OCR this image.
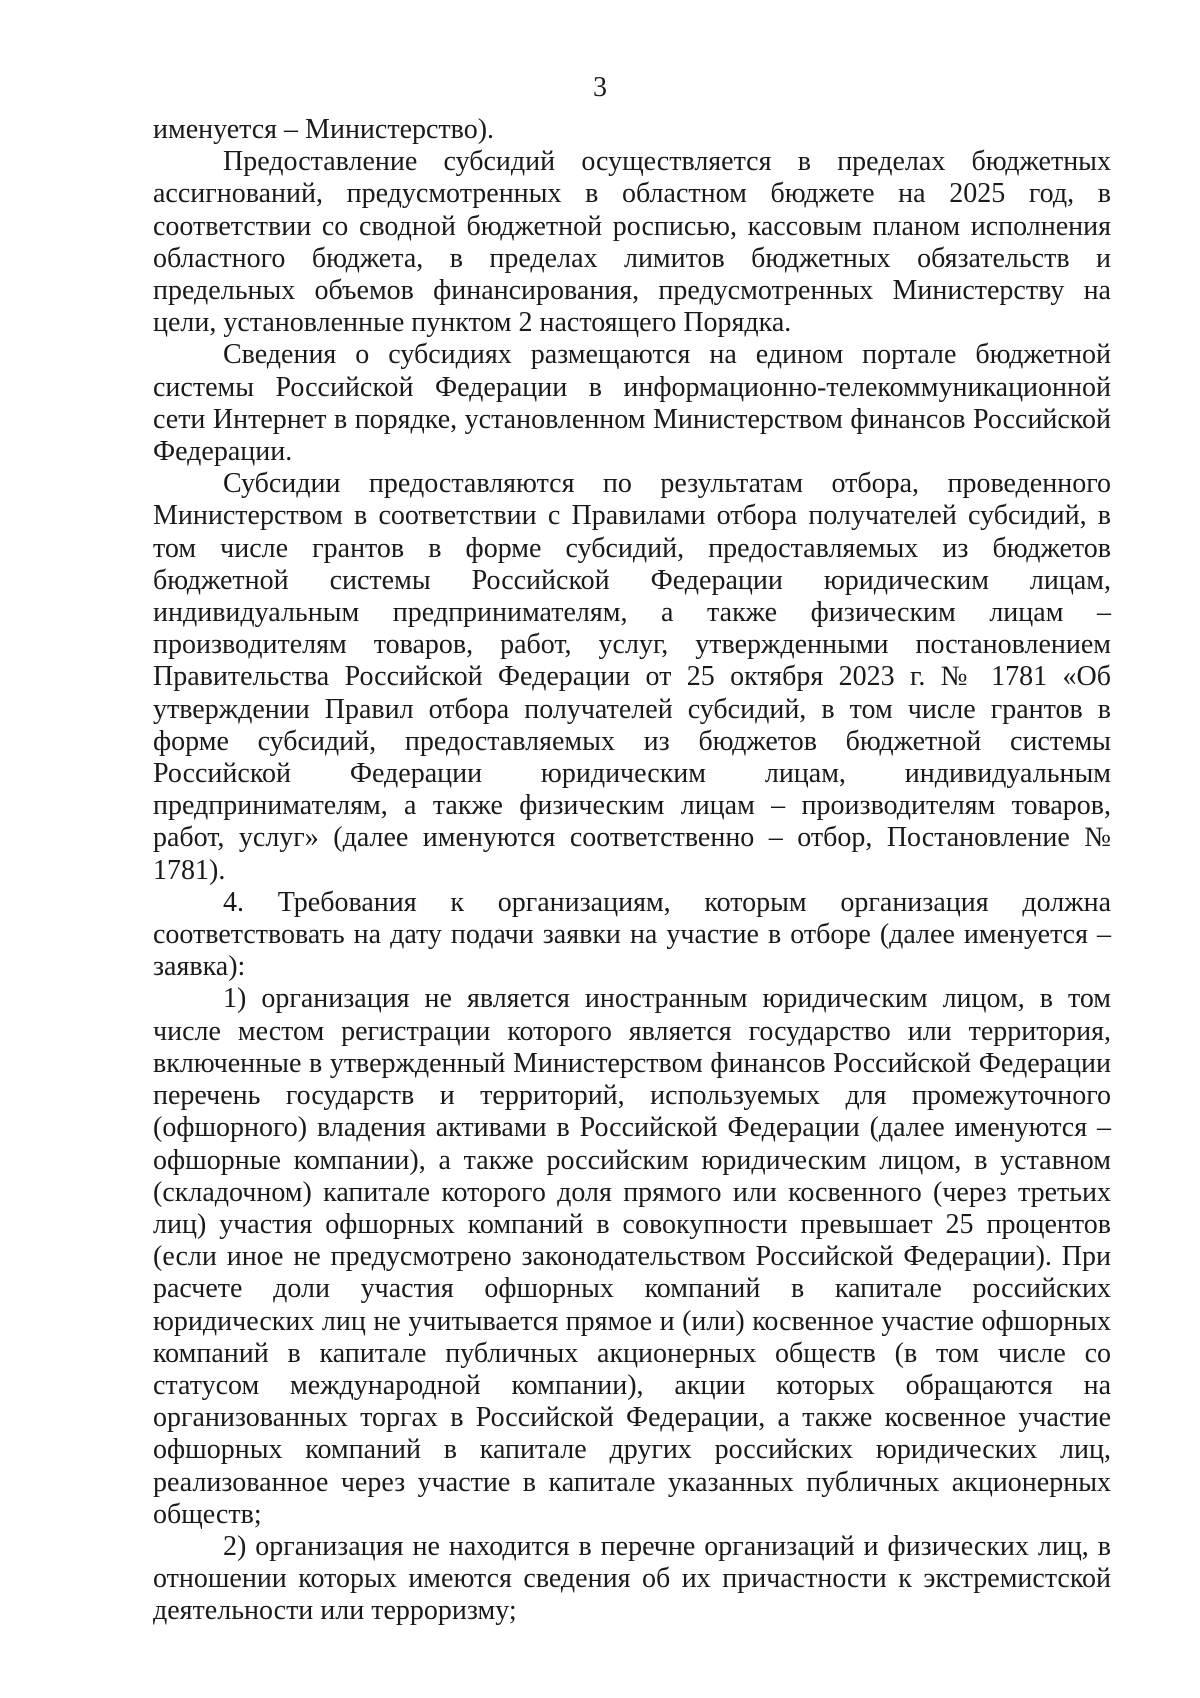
3

именуется – Министерство).

Предоставление субсидий осуществляется в пределах бюджетных ассигнований, предусмотренных в областном бюджете на 2025 год, в соответствии со сводной бюджетной росписью, кассовым планом исполнения областного бюджета, в пределах лимитов бюджетных обязательств и предельных объемов финансирования, предусмотренных Министерству на цели, установленные пунктом 2 настоящего Порядка.

Сведения о субсидиях размещаются на едином портале бюджетной системы Российской Федерации в информационно-телекоммуникационной сети Интернет в порядке, установленном Министерством финансов Российской Федерации.

Субсидии предоставляются по результатам отбора, проведенного Министерством в соответствии с Правилами отбора получателей субсидий, в том числе грантов в форме субсидий, предоставляемых из бюджетов бюджетной системы Российской Федерации юридическим лицам, индивидуальным предпринимателям, а также физическим лицам – производителям товаров, работ, услуг, утвержденными постановлением Правительства Российской Федерации от 25 октября 2023 г. № 1781 «Об утверждении Правил отбора получателей субсидий, в том числе грантов в форме субсидий, предоставляемых из бюджетов бюджетной системы Российской Федерации юридическим лицам, индивидуальным предпринимателям, а также физическим лицам – производителям товаров, работ, услуг» (далее именуются соответственно – отбор, Постановление № 1781).

4. Требования к организациям, которым организация должна соответствовать на дату подачи заявки на участие в отборе (далее именуется – заявка):

1) организация не является иностранным юридическим лицом, в том числе местом регистрации которого является государство или территория, включенные в утвержденный Министерством финансов Российской Федерации перечень государств и территорий, используемых для промежуточного (офшорного) владения активами в Российской Федерации (далее именуются – офшорные компании), а также российским юридическим лицом, в уставном (складочном) капитале которого доля прямого или косвенного (через третьих лиц) участия офшорных компаний в совокупности превышает 25 процентов (если иное не предусмотрено законодательством Российской Федерации). При расчете доли участия офшорных компаний в капитале российских юридических лиц не учитывается прямое и (или) косвенное участие офшорных компаний в капитале публичных акционерных обществ (в том числе со статусом международной компании), акции которых обращаются на организованных торгах в Российской Федерации, а также косвенное участие офшорных компаний в капитале других российских юридических лиц, реализованное через участие в капитале указанных публичных акционерных обществ;

2) организация не находится в перечне организаций и физических лиц, в отношении которых имеются сведения об их причастности к экстремистской деятельности или терроризму;
